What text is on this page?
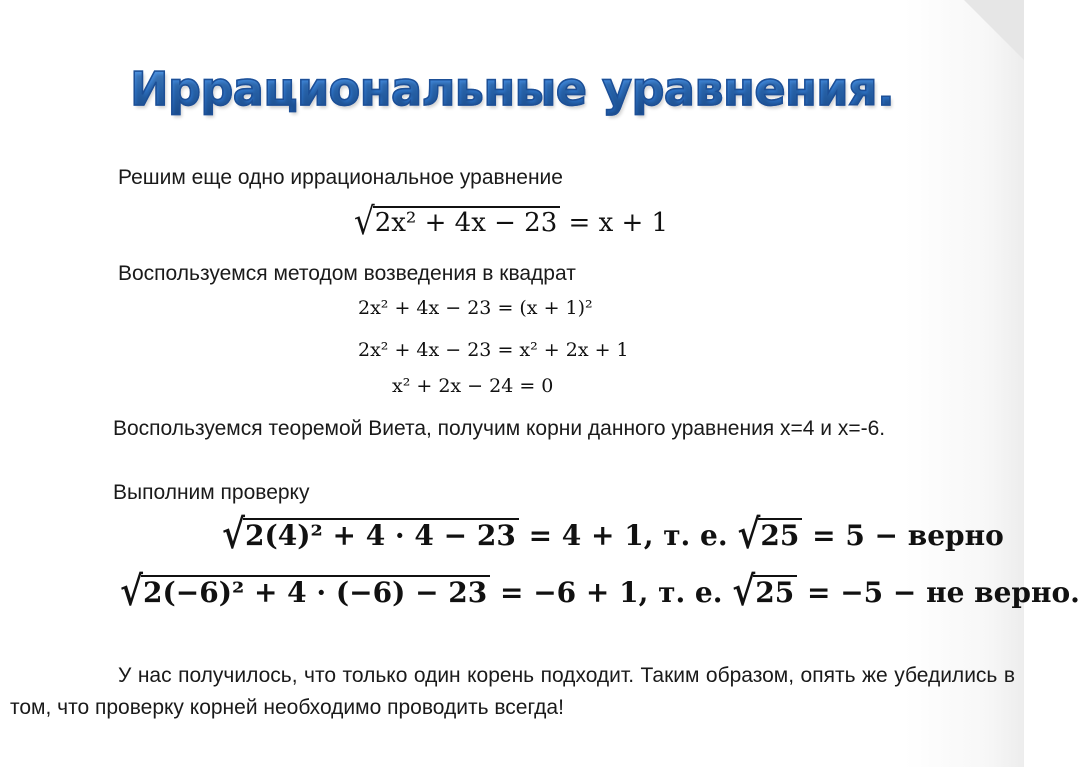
Иррациональные уравнения.
Решим еще одно иррациональное уравнение
√2x² + 4x − 23 = x + 1
Воспользуемся методом возведения в квадрат
2x² + 4x − 23 = (x + 1)²
2x² + 4x − 23 = x² + 2x + 1
x² + 2x − 24 = 0
Воспользуемся теоремой Виета, получим корни данного уравнения x=4 и x=-6.
Выполним проверку
√2(4)² + 4 · 4 − 23 = 4 + 1, т. е. √25 = 5 − верно
√2(−6)² + 4 · (−6) − 23 = −6 + 1, т. е. √25 = −5 − не верно.
У нас получилось, что только один корень подходит. Таким образом, опять же убедились в том, что проверку корней необходимо проводить всегда!
